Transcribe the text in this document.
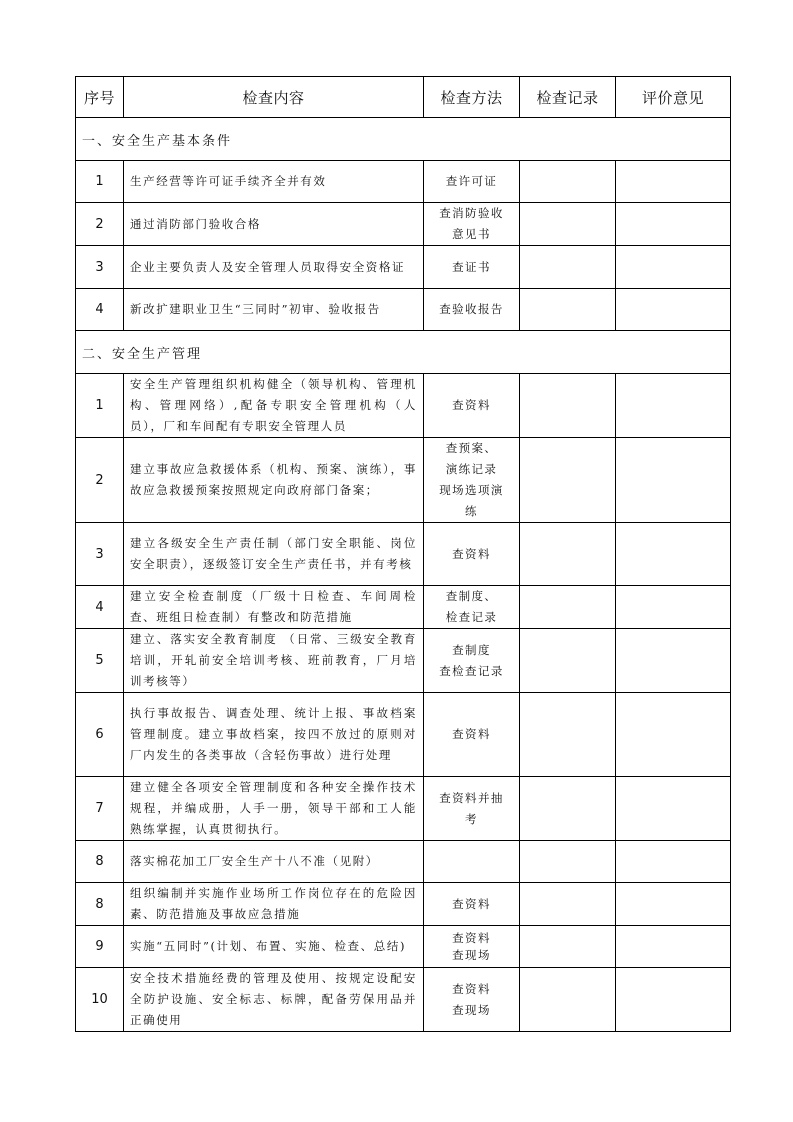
序号	检查内容	检查方法	检查记录	评价意见
一、安全生产基本条件				
1	生产经营等许可证手续齐全并有效	查许可证		

2	通过消防部门验收合格	查消防验收
意见书		

3	企业主要负责人及安全管理人员取得安全资格证	查证书		

4	新改扩建职业卫生“三同时”初审、验收报告	查验收报告		

二、安全生产管理				
1	安全生产管理组织机构健全（领导机构、管理机构、管理网络）,配备专职安全管理机构（人员），厂和车间配有专职安全管理人员	查资料		

2	建立事故应急救援体系（机构、预案、演练），事故应急救援预案按照规定向政府部门备案；	查预案、
演练记录
现场选项演
练		

3	建立各级安全生产责任制（部门安全职能、岗位安全职责），逐级签订安全生产责任书，并有考核	查资料		

4	建立安全检查制度（厂级十日检查、车间周检查、班组日检查制）有整改和防范措施	查制度、
检查记录		

5	建立、落实安全教育制度 （日常、三级安全教育培训，开轧前安全培训考核、班前教育，厂月培训考核等）	查制度
查检查记录		

6	执行事故报告、调查处理、统计上报、事故档案管理制度。建立事故档案，按四不放过的原则对厂内发生的各类事故（含轻伤事故）进行处理	查资料		

7	建立健全各项安全管理制度和各种安全操作技术规程，并编成册，人手一册，领导干部和工人能熟练掌握，认真贯彻执行。	查资料并抽
考		

8	落实棉花加工厂安全生产十八不准（见附）			
8	组织编制并实施作业场所工作岗位存在的危险因素、防范措施及事故应急措施	查资料		

9	实施“五同时”(计划、布置、实施、检查、总结)	查资料
查现场		

10	安全技术措施经费的管理及使用、按规定设配安全防护设施、安全标志、标牌，配备劳保用品并正确使用	查资料
查现场		
